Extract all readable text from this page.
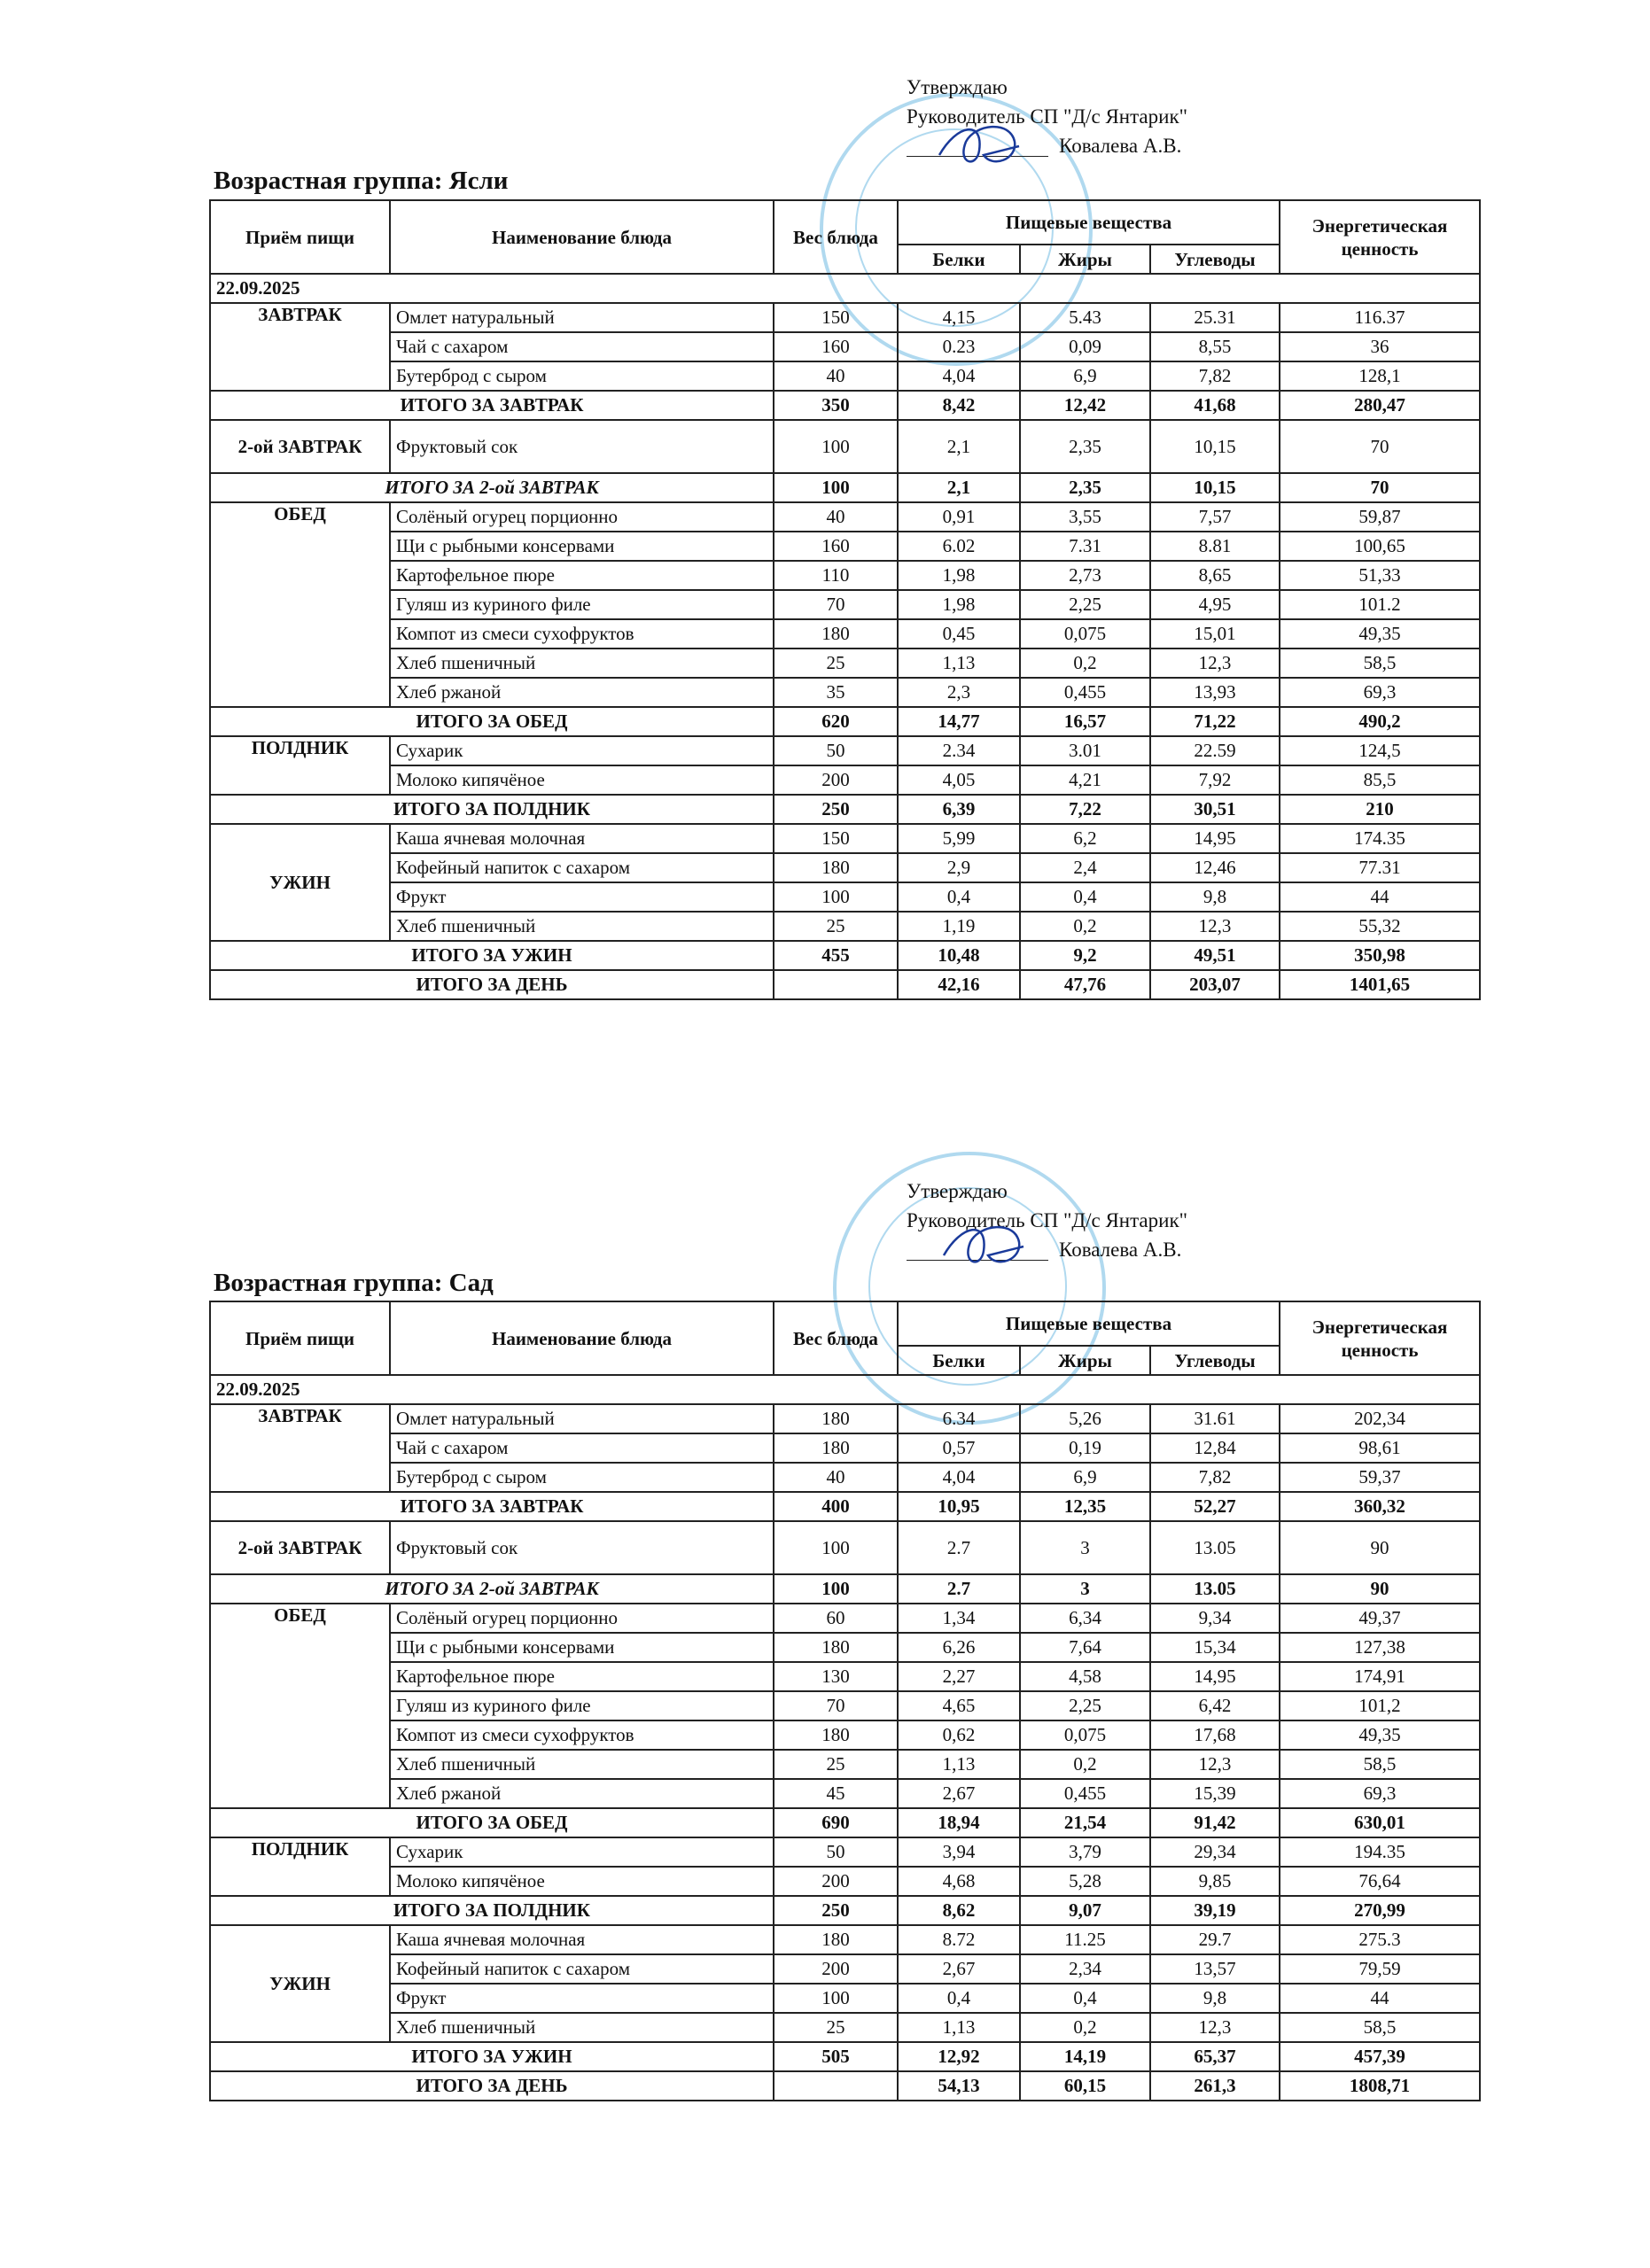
Утверждаю
Руководитель СП "Д/с Янтарик"
Ковалева А.В.
Возрастная группа: Ясли
Приём пищи	Наименование блюда	Вес блюда	Пищевые вещества			Энергетическая ценность
			Белки	Жиры	Углеводы	
22.09.2025						
ЗАВТРАК	Омлет натуральный	150	4,15	5.43	25.31	116.37
	Чай с сахаром	160	0.23	0,09	8,55	36
	Бутерброд с сыром	40	4,04	6,9	7,82	128,1
ИТОГО ЗА ЗАВТРАК		350	8,42	12,42	41,68	280,47
2-ой ЗАВТРАК	Фруктовый сок	100	2,1	2,35	10,15	70
ИТОГО ЗА 2-ой ЗАВТРАК		100	2,1	2,35	10,15	70
ОБЕД	Солёный огурец порционно	40	0,91	3,55	7,57	59,87
	Щи с рыбными консервами	160	6.02	7.31	8.81	100,65
	Картофельное пюре	110	1,98	2,73	8,65	51,33
	Гуляш из куриного филе	70	1,98	2,25	4,95	101.2
	Компот из смеси сухофруктов	180	0,45	0,075	15,01	49,35
	Хлеб пшеничный	25	1,13	0,2	12,3	58,5
	Хлеб ржаной	35	2,3	0,455	13,93	69,3
ИТОГО ЗА ОБЕД		620	14,77	16,57	71,22	490,2
ПОЛДНИК	Сухарик	50	2.34	3.01	22.59	124,5
	Молоко кипячёное	200	4,05	4,21	7,92	85,5
ИТОГО ЗА ПОЛДНИК		250	6,39	7,22	30,51	210
УЖИН	Каша ячневая молочная	150	5,99	6,2	14,95	174.35
	Кофейный напиток с сахаром	180	2,9	2,4	12,46	77.31
	Фрукт	100	0,4	0,4	9,8	44
	Хлеб пшеничный	25	1,19	0,2	12,3	55,32
ИТОГО ЗА УЖИН		455	10,48	9,2	49,51	350,98
ИТОГО ЗА ДЕНЬ			42,16	47,76	203,07	1401,65
Утверждаю
Руководитель СП "Д/с Янтарик"
Ковалева А.В.
Возрастная группа: Сад
Приём пищи	Наименование блюда	Вес блюда	Пищевые вещества			Энергетическая ценность
			Белки	Жиры	Углеводы	
22.09.2025						
ЗАВТРАК	Омлет натуральный	180	6.34	5,26	31.61	202,34
	Чай с сахаром	180	0,57	0,19	12,84	98,61
	Бутерброд с сыром	40	4,04	6,9	7,82	59,37
ИТОГО ЗА ЗАВТРАК		400	10,95	12,35	52,27	360,32
2-ой ЗАВТРАК	Фруктовый сок	100	2.7	3	13.05	90
ИТОГО ЗА 2-ой ЗАВТРАК		100	2.7	3	13.05	90
ОБЕД	Солёный огурец порционно	60	1,34	6,34	9,34	49,37
	Щи с рыбными консервами	180	6,26	7,64	15,34	127,38
	Картофельное пюре	130	2,27	4,58	14,95	174,91
	Гуляш из куриного филе	70	4,65	2,25	6,42	101,2
	Компот из смеси сухофруктов	180	0,62	0,075	17,68	49,35
	Хлеб пшеничный	25	1,13	0,2	12,3	58,5
	Хлеб ржаной	45	2,67	0,455	15,39	69,3
ИТОГО ЗА ОБЕД		690	18,94	21,54	91,42	630,01
ПОЛДНИК	Сухарик	50	3,94	3,79	29,34	194.35
	Молоко кипячёное	200	4,68	5,28	9,85	76,64
ИТОГО ЗА ПОЛДНИК		250	8,62	9,07	39,19	270,99
УЖИН	Каша ячневая молочная	180	8.72	11.25	29.7	275.3
	Кофейный напиток с сахаром	200	2,67	2,34	13,57	79,59
	Фрукт	100	0,4	0,4	9,8	44
	Хлеб пшеничный	25	1,13	0,2	12,3	58,5
ИТОГО ЗА УЖИН		505	12,92	14,19	65,37	457,39
ИТОГО ЗА ДЕНЬ			54,13	60,15	261,3	1808,71
